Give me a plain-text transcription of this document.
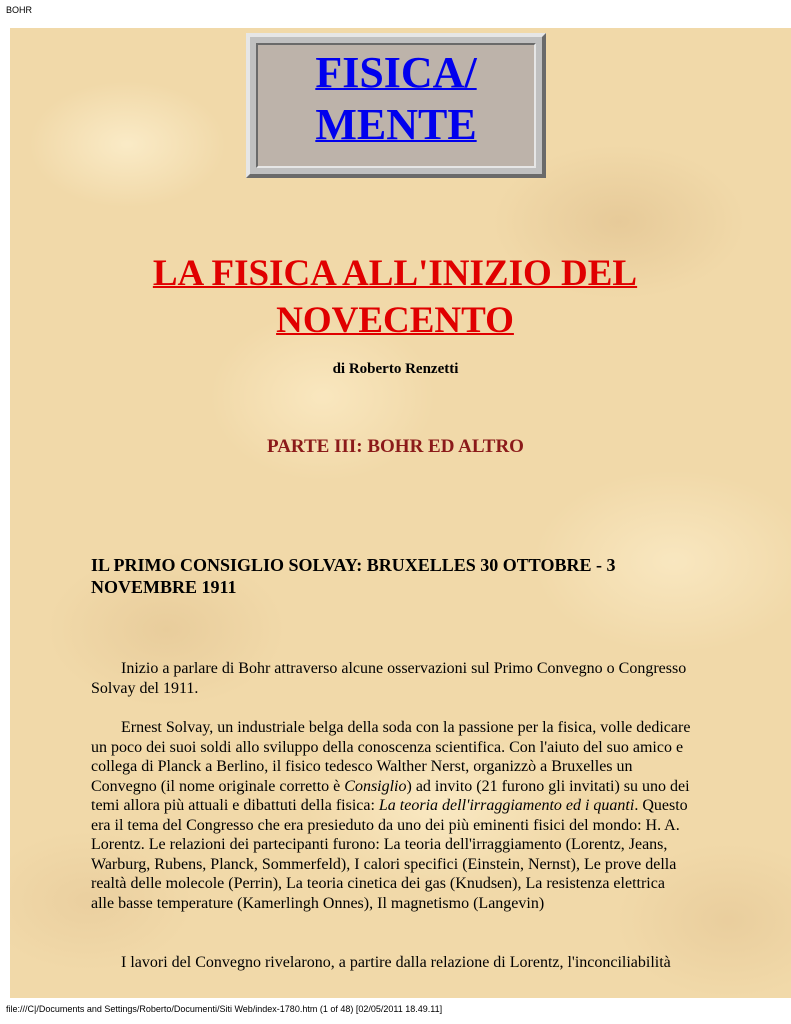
BOHR
FISICA/
MENTE
LA FISICA ALL'INIZIO DEL
NOVECENTO
di Roberto Renzetti
PARTE III: BOHR ED ALTRO
IL PRIMO CONSIGLIO SOLVAY: BRUXELLES 30 OTTOBRE - 3
NOVEMBRE 1911

Inizio a parlare di Bohr attraverso alcune osservazioni sul Primo Convegno o Congresso Solvay del 1911.

Ernest Solvay, un industriale belga della soda con la passione per la fisica, volle dedicare un poco dei suoi soldi allo sviluppo della conoscenza scientifica. Con l'aiuto del suo amico e collega di Planck a Berlino, il fisico tedesco Walther Nerst, organizzò a Bruxelles un Convegno (il nome originale corretto è Consiglio) ad invito (21 furono gli invitati) su uno dei temi allora più attuali e dibattuti della fisica: La teoria dell'irraggiamento ed i quanti. Questo era il tema del Congresso che era presieduto da uno dei più eminenti fisici del mondo: H. A. Lorentz. Le relazioni dei partecipanti furono: La teoria dell'irraggiamento (Lorentz, Jeans, Warburg, Rubens, Planck, Sommerfeld), I calori specifici (Einstein, Nernst), Le prove della realtà delle molecole (Perrin), La teoria cinetica dei gas (Knudsen), La resistenza elettrica alle basse temperature (Kamerlingh Onnes), Il magnetismo (Langevin)

I lavori del Convegno rivelarono, a partire dalla relazione di Lorentz, l'inconciliabilità

file:///C|/Documents and Settings/Roberto/Documenti/Siti Web/index-1780.htm (1 of 48) [02/05/2011 18.49.11]
